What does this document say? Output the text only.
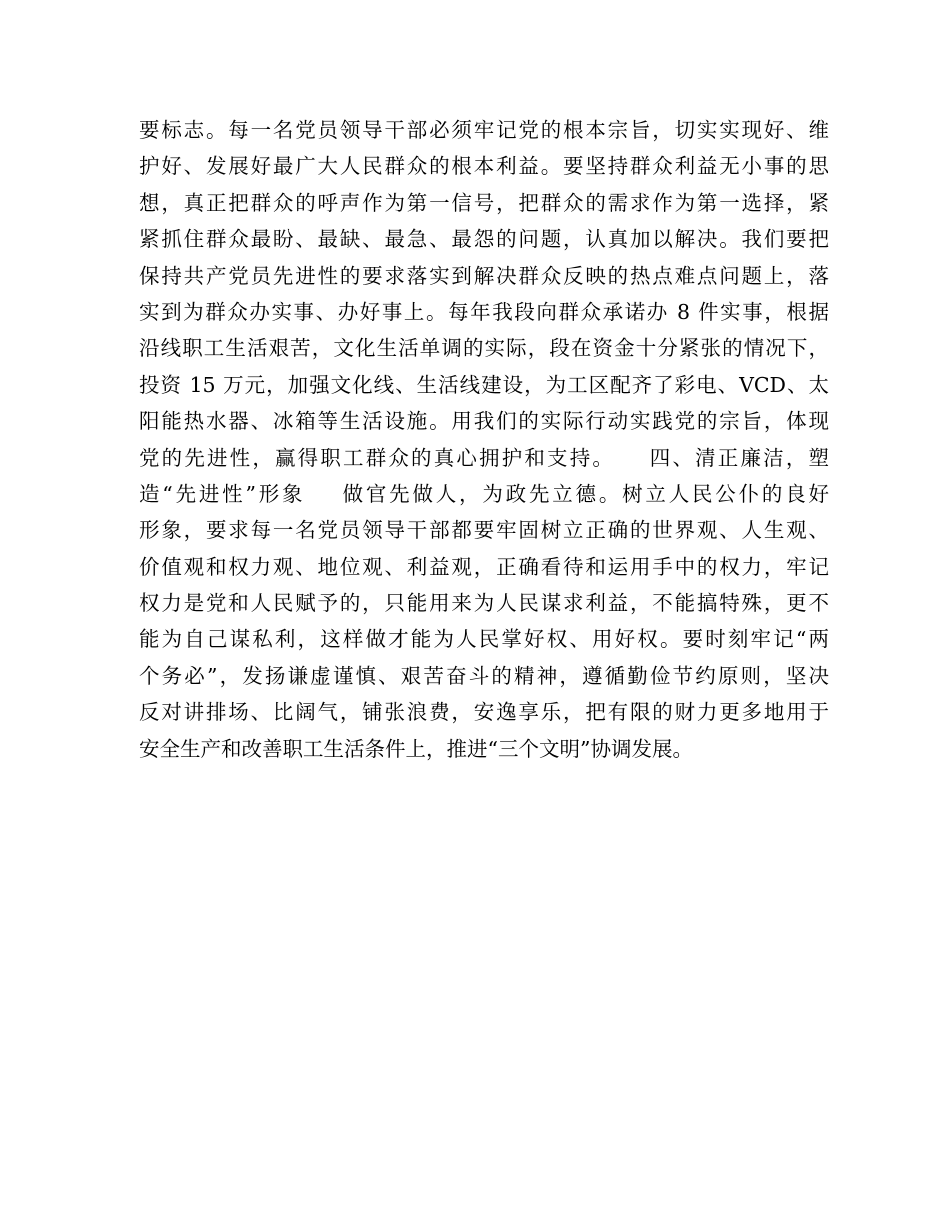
要标志。每一名党员领导干部必须牢记党的根本宗旨，切实实现好、维
护好、发展好最广大人民群众的根本利益。要坚持群众利益无小事的思
想，真正把群众的呼声作为第一信号，把群众的需求作为第一选择，紧
紧抓住群众最盼、最缺、最急、最怨的问题，认真加以解决。我们要把
保持共产党员先进性的要求落实到解决群众反映的热点难点问题上，落
实到为群众办实事、办好事上。每年我段向群众承诺办 8 件实事，根据
沿线职工生活艰苦，文化生活单调的实际，段在资金十分紧张的情况下，
投资 15 万元，加强文化线、生活线建设，为工区配齐了彩电、VCD、太
阳能热水器、冰箱等生活设施。用我们的实际行动实践党的宗旨，体现
党的先进性，赢得职工群众的真心拥护和支持。    四、清正廉洁，塑
造“先进性”形象    做官先做人，为政先立德。树立人民公仆的良好
形象，要求每一名党员领导干部都要牢固树立正确的世界观、人生观、
价值观和权力观、地位观、利益观，正确看待和运用手中的权力，牢记
权力是党和人民赋予的，只能用来为人民谋求利益，不能搞特殊，更不
能为自己谋私利，这样做才能为人民掌好权、用好权。要时刻牢记“两
个务必”，发扬谦虚谨慎、艰苦奋斗的精神，遵循勤俭节约原则，坚决
反对讲排场、比阔气，铺张浪费，安逸享乐，把有限的财力更多地用于
安全生产和改善职工生活条件上，推进“三个文明”协调发展。
